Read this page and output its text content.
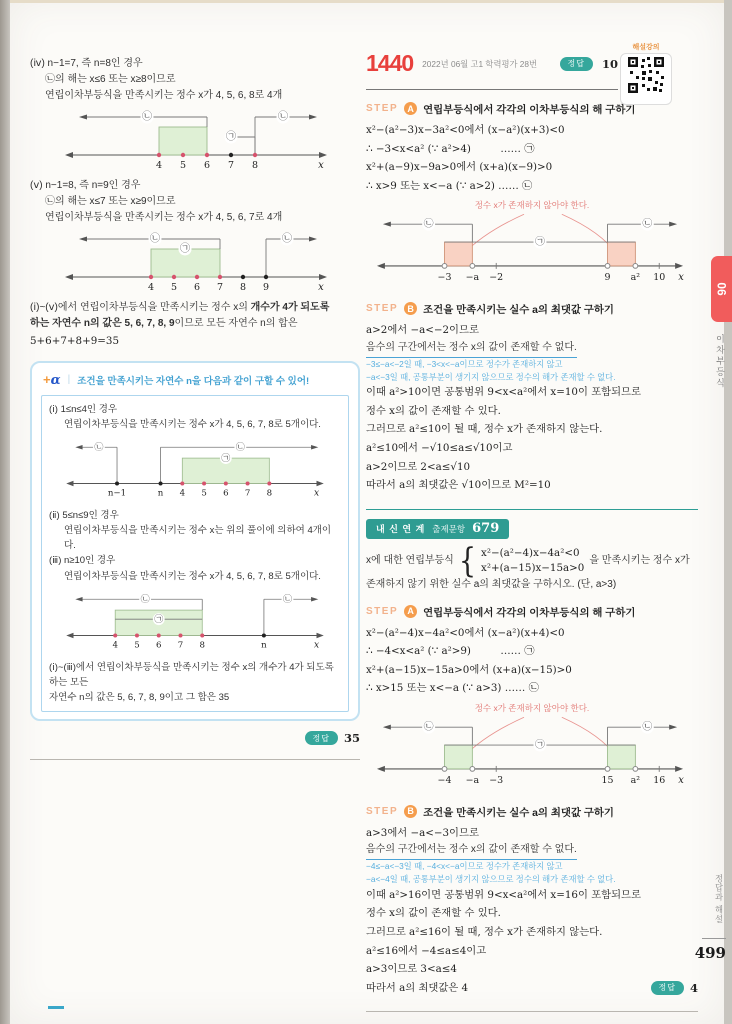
(ⅳ) n−1=7, 즉 n=8인 경우

㉡의 해는 x≤6 또는 x≥8이므로

연립이차부등식을 만족시키는 정수 x가 4, 5, 6, 8로 4개

㉡
㉠
㉡
4 5 6 7 8	x

(ⅴ) n−1=8, 즉 n=9인 경우

㉡의 해는 x≤7 또는 x≥9이므로

연립이차부등식을 만족시키는 정수 x가 4, 5, 6, 7로 4개

㉡
㉠
㉡
4 5 6 7 8 9	x

(ⅰ)~(ⅴ)에서 연립이차부등식을 만족시키는 정수 x의 개수가 4가 되도록

하는 자연수 n의 값은 5, 6, 7, 8, 9이므로 모든 자연수 n의 합은

5+6+7+8+9=35

+α | 조건을 만족시키는 자연수 n을 다음과 같이 구할 수 있어!

(ⅰ) 1≤n≤4인 경우

연립이차부등식을 만족시키는 정수 x가 4, 5, 6, 7, 8로 5개이다.

㉡
㉠
㉡
n−1	n 4 5 6 7 8	x

(ⅱ) 5≤n≤9인 경우

연립이차부등식을 만족시키는 정수 x는 위의 풀이에 의하여 4개이다.

(ⅲ) n≥10인 경우

연립이차부등식을 만족시키는 정수 x가 4, 5, 6, 7, 8로 5개이다.

㉡
㉠
㉡
4 5 6 7 8	n	x

(ⅰ)~(ⅲ)에서 연립이차부등식을 만족시키는 정수 x의 개수가 4가 되도록 하는 모든

자연수 n의 값은 5, 6, 7, 8, 9이고 그 합은 35

정답	35
1440 2022년 06월 고1 학력평가 28번	정답	10
해설강의
STEP	A 연립부등식에서 각각의 이차부등식의 해 구하기

x²−(a²−3)x−3a²<0에서 (x−a²)(x+3)<0

∴ −3<x<a² (∵ a²>4)         …… ㉠

x²+(a−9)x−9a>0에서 (x+a)(x−9)>0

∴ x>9 또는 x<−a (∵ a>2) …… ㉡

정수 x가 존재하지 않아야 한다.

㉡
㉠
㉡
−3 −a −2	9 a² 10 x
STEP	B 조건을 만족시키는 실수 a의 최댓값 구하기

a>2에서 −a<−2이므로

음수의 구간에서는 정수 x의 값이 존재할 수 없다.

−3≤−a<−2일 때, −3<x<−a이므로 정수가 존재하지 않고

−a<−3일 때, 공통부분이 생기지 않으므로 정수의 해가 존재할 수 없다.

이때 a²>10이면 공통범위 9<x<a²에서 x=10이 포함되므로

정수 x의 값이 존재할 수 있다.

그러므로 a²≤10이 될 때, 정수 x가 존재하지 않는다.

a²≤10에서 −√10≤a≤√10이고

a>2이므로 2<a≤√10

따라서 a의 최댓값은 √10이므로 M²=10

내 신 연 계 출제문항 679
x에 대한 연립부등식 { x²−(a²−4)x−4a²<0

x²+(a−15)x−15a>0

을 만족시키는 정수 x가

존재하지 않기 위한 실수 a의 최댓값을 구하시오. (단, a>3)

STEP	A 연립부등식에서 각각의 이차부등식의 해 구하기

x²−(a²−4)x−4a²<0에서 (x−a²)(x+4)<0

∴ −4<x<a² (∵ a²>9)         …… ㉠

x²+(a−15)x−15a>0에서 (x+a)(x−15)>0

∴ x>15 또는 x<−a (∵ a>3) …… ㉡

정수 x가 존재하지 않아야 한다.

㉡
㉠
㉡
−4 −a −3	15 a² 16 x
STEP	B 조건을 만족시키는 실수 a의 최댓값 구하기

a>3에서 −a<−3이므로

음수의 구간에서는 정수 x의 값이 존재할 수 없다.

−4≤−a<−3일 때, −4<x<−a이므로 정수가 존재하지 않고

−a<−4일 때, 공통부분이 생기지 않으므로 정수의 해가 존재할 수 없다.

이때 a²>16이면 공통범위 9<x<a²에서 x=16이 포함되므로

정수 x의 값이 존재할 수 있다.

그러므로 a²≤16이 될 때, 정수 x가 존재하지 않는다.

a²≤16에서 −4≤a≤4이고

a>3이므로 3<a≤4

따라서 a의 최댓값은 4	정답	4
06
이차부등식
정답과 해설
499
